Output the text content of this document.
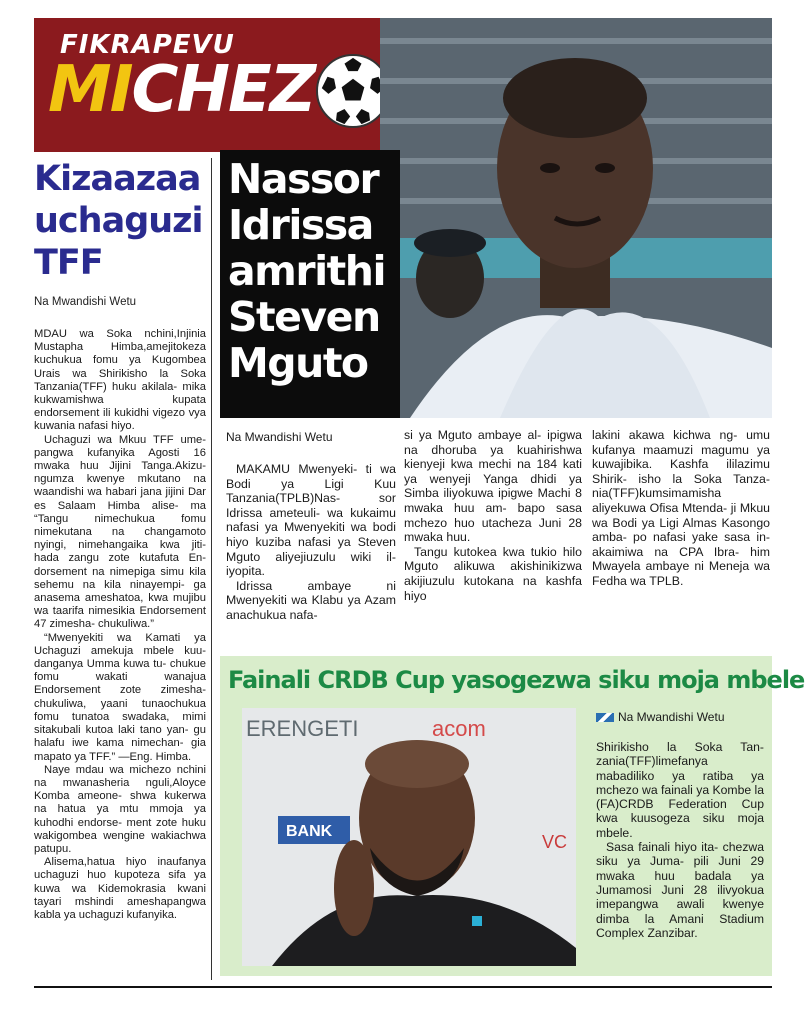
FIKRAPEVU
MICHEZ
Nassor
Idrissa
amrithi
Steven
Mguto
Kizaazaa
uchaguzi
TFF
Na Mwandishi Wetu

MDAU wa Soka nchini,Injinia Mustapha Himba,amejitokeza kuchukua fomu ya Kugombea Urais wa Shirikisho la Soka Tanzania(TFF) huku akilala- mika kukwamishwa kupata endorsement ili kukidhi vigezo vya kuwania nafasi hiyo.

Uchaguzi wa Mkuu TFF ume- pangwa kufanyika Agosti 16 mwaka huu Jijini Tanga.Akizu- ngumza kwenye mkutano na waandishi wa habari jana jijini Dar es Salaam Himba alise- ma “Tangu nimechukua fomu nimekutana na changamoto nyingi, nimehangaika kwa jiti- hada zangu zote kutafuta En- dorsement na nimepiga simu kila sehemu na kila ninayempi- ga anasema ameshatoa, kwa mujibu wa taarifa nimesikia Endorsement 47 zimesha- chukuliwa.”

“Mwenyekiti wa Kamati ya Uchaguzi amekuja mbele kuu- danganya Umma kuwa tu- chukue fomu wakati wanajua Endorsement zote zimesha- chukuliwa, yaani tunaochukua fomu tunatoa swadaka, mimi sitakubali kutoa laki tano yan- gu halafu iwe kama nimechan- gia mapato ya TFF.” —Eng. Himba.

Naye mdau wa michezo nchini na mwanasheria nguli,Aloyce Komba ameone- shwa kukerwa na hatua ya mtu mmoja ya kuhodhi endorse- ment zote huku wakigombea wengine wakiachwa patupu.

Alisema,hatua hiyo inaufanya uchaguzi huo kupoteza sifa ya kuwa wa Kidemokrasia kwani tayari mshindi ameshapangwa kabla ya uchaguzi kufanyika.

Na Mwandishi Wetu

MAKAMU Mwenyeki- ti wa Bodi ya Ligi Kuu Tanzania(TPLB)Nas- sor Idrissa ameteuli- wa kukaimu nafasi ya Mwenyekiti wa bodi hiyo kuziba nafasi ya Steven Mguto aliyejiuzulu wiki il- iyopita.

Idrissa ambaye ni Mwenyekiti wa Klabu ya Azam anachukua nafa-

si ya Mguto ambaye al- ipigwa na dhoruba ya kuahirishwa kienyeji kwa mechi na 184 kati ya wenyeji Yanga dhidi ya Simba iliyokuwa ipigwe Machi 8 mwaka huu am- bapo sasa mchezo huo utacheza Juni 28 mwaka huu.

Tangu kutokea kwa tukio hilo Mguto alikuwa akishinikizwa akijiuzulu kutokana na kashfa hiyo

lakini akawa kichwa ng- umu kufanya maamuzi magumu ya kuwajibika. Kashfa ililazimu Shirik- isho la Soka Tanza- nia(TFF)kumsimamisha aliyekuwa Ofisa Mtenda- ji Mkuu wa Bodi ya Ligi Almas Kasongo amba- po nafasi yake sasa in- akaimiwa na CPA Ibra- him Mwayela ambaye ni Meneja wa Fedha wa TPLB.

Fainali CRDB Cup yasogezwa siku moja mbele
ERENGETI	acom
BANK
VC
Na Mwandishi Wetu

Shirikisho la Soka Tan- zania(TFF)limefanya mabadiliko ya ratiba ya mchezo wa fainali ya Kombe la (FA)CRDB Federation Cup kwa kuusogeza siku moja mbele.

Sasa fainali hiyo ita- chezwa siku ya Juma- pili Juni 29 mwaka huu badala ya Jumamosi Juni 28 ilivyokua imepangwa awali kwenye dimba la Amani Stadium Complex Zanzibar.
